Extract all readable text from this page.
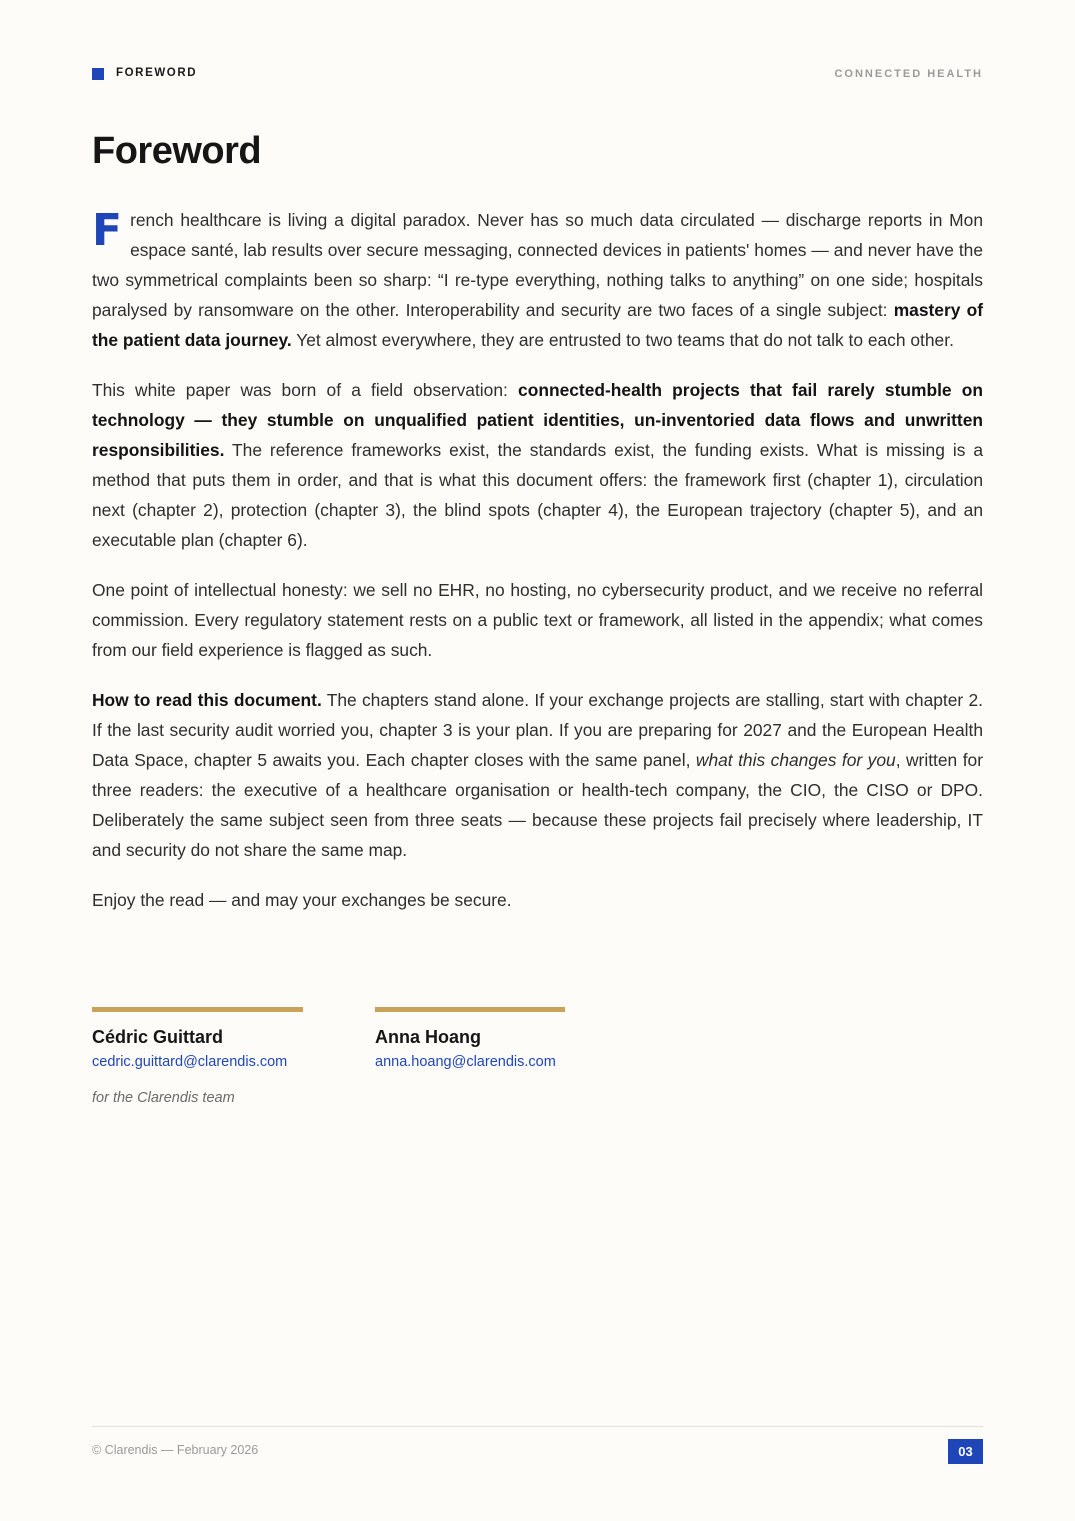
FOREWORD	CONNECTED HEALTH
Foreword

French healthcare is living a digital paradox. Never has so much data circulated — discharge reports in Mon espace santé, lab results over secure messaging, connected devices in patients' homes — and never have the two symmetrical complaints been so sharp: “I re-type everything, nothing talks to anything” on one side; hospitals paralysed by ransomware on the other. Interoperability and security are two faces of a single subject: mastery of the patient data journey. Yet almost everywhere, they are entrusted to two teams that do not talk to each other.

This white paper was born of a field observation: connected-health projects that fail rarely stumble on technology — they stumble on unqualified patient identities, un-inventoried data flows and unwritten responsibilities. The reference frameworks exist, the standards exist, the funding exists. What is missing is a method that puts them in order, and that is what this document offers: the framework first (chapter 1), circulation next (chapter 2), protection (chapter 3), the blind spots (chapter 4), the European trajectory (chapter 5), and an executable plan (chapter 6).

One point of intellectual honesty: we sell no EHR, no hosting, no cybersecurity product, and we receive no referral commission. Every regulatory statement rests on a public text or framework, all listed in the appendix; what comes from our field experience is flagged as such.

How to read this document. The chapters stand alone. If your exchange projects are stalling, start with chapter 2. If the last security audit worried you, chapter 3 is your plan. If you are preparing for 2027 and the European Health Data Space, chapter 5 awaits you. Each chapter closes with the same panel, what this changes for you, written for three readers: the executive of a healthcare organisation or health-tech company, the CIO, the CISO or DPO. Deliberately the same subject seen from three seats — because these projects fail precisely where leadership, IT and security do not share the same map.

Enjoy the read — and may your exchanges be secure.

Cédric Guittard
cedric.guittard@clarendis.com
Anna Hoang
anna.hoang@clarendis.com
for the Clarendis team
© Clarendis — February 2026	03
